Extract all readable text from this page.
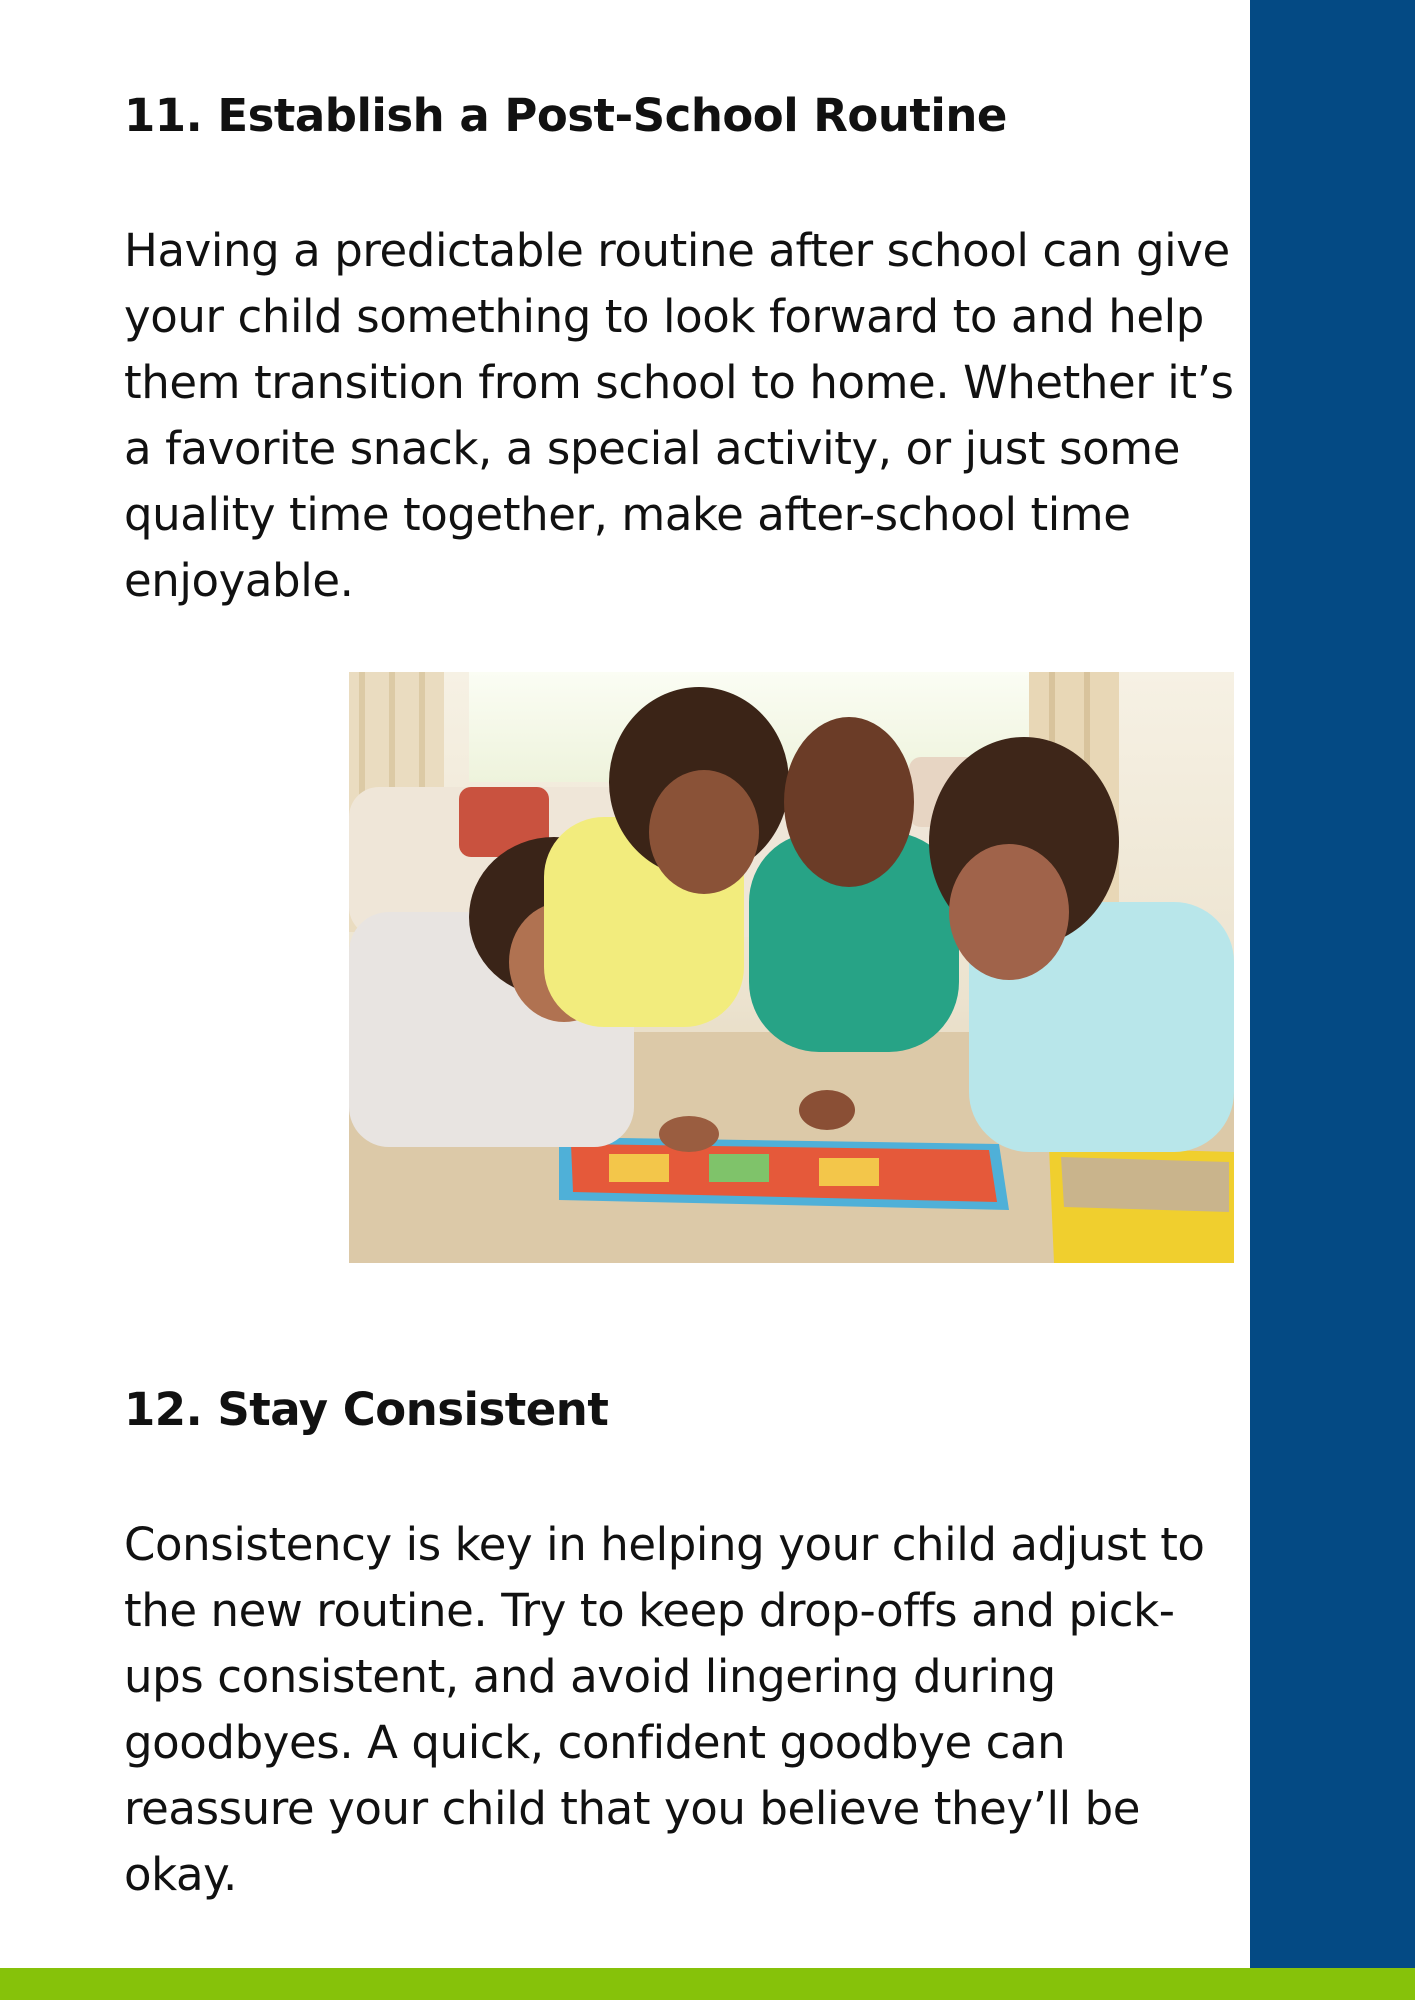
11. Establish a Post-School Routine

Having a predictable routine after school can give your child something to look forward to and help them transition from school to home. Whether it’s a favorite snack, a special activity, or just some quality time together, make after-school time enjoyable.

12. Stay Consistent

Consistency is key in helping your child adjust to the new routine. Try to keep drop-offs and pick-ups consistent, and avoid lingering during goodbyes. A quick, confident goodbye can reassure your child that you believe they’ll be okay.
